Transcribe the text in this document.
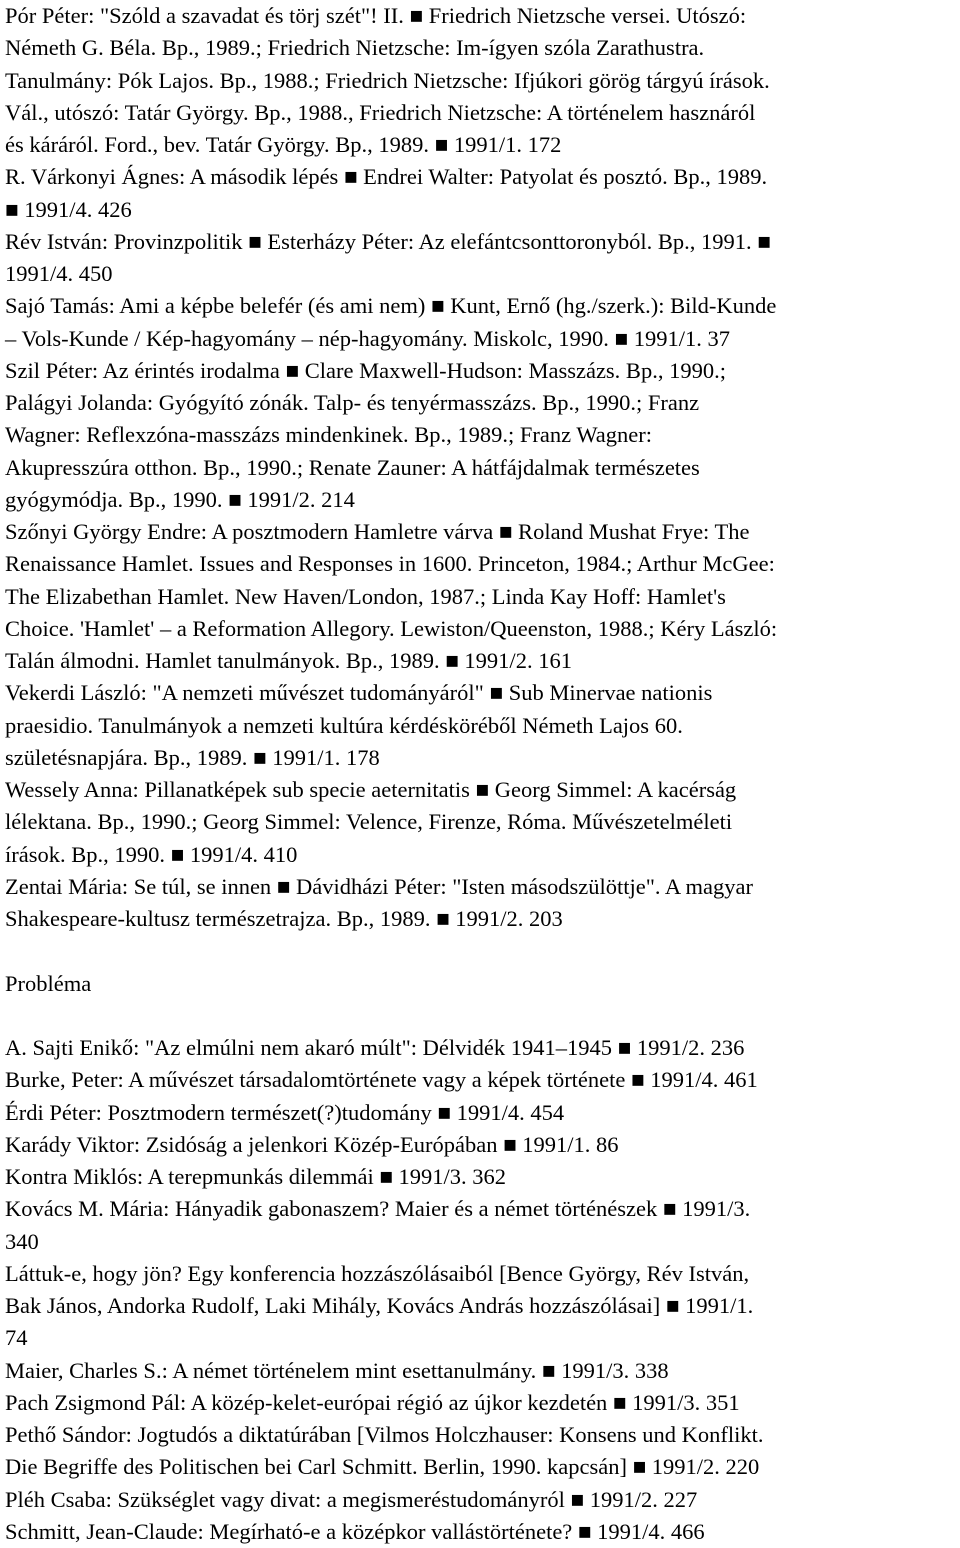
Pór Péter: "Szóld a szavadat és törj szét"! II. ■ Friedrich Nietzsche versei. Utószó:
Németh G. Béla. Bp., 1989.; Friedrich Nietzsche: Im-ígyen szóla Zarathustra.
Tanulmány: Pók Lajos. Bp., 1988.; Friedrich Nietzsche: Ifjúkori görög tárgyú írások.
Vál., utószó: Tatár György. Bp., 1988., Friedrich Nietzsche: A történelem hasznáról
és káráról. Ford., bev. Tatár György. Bp., 1989. ■ 1991/1. 172
R. Várkonyi Ágnes: A második lépés ■ Endrei Walter: Patyolat és posztó. Bp., 1989.
■ 1991/4. 426
Rév István: Provinzpolitik ■ Esterházy Péter: Az elefántcsonttoronyból. Bp., 1991. ■
1991/4. 450
Sajó Tamás: Ami a képbe belefér (és ami nem) ■ Kunt, Ernő (hg./szerk.): Bild-Kunde
– Vols-Kunde / Kép-hagyomány – nép-hagyomány. Miskolc, 1990. ■ 1991/1. 37
Szil Péter: Az érintés irodalma ■ Clare Maxwell-Hudson: Masszázs. Bp., 1990.;
Palágyi Jolanda: Gyógyító zónák. Talp- és tenyérmasszázs. Bp., 1990.; Franz
Wagner: Reflexzóna-masszázs mindenkinek. Bp., 1989.; Franz Wagner:
Akupresszúra otthon. Bp., 1990.; Renate Zauner: A hátfájdalmak természetes
gyógymódja. Bp., 1990. ■ 1991/2. 214
Szőnyi György Endre: A posztmodern Hamletre várva ■ Roland Mushat Frye: The
Renaissance Hamlet. Issues and Responses in 1600. Princeton, 1984.; Arthur McGee:
The Elizabethan Hamlet. New Haven/London, 1987.; Linda Kay Hoff: Hamlet's
Choice. 'Hamlet' – a Reformation Allegory. Lewiston/Queenston, 1988.; Kéry László:
Talán álmodni. Hamlet tanulmányok. Bp., 1989. ■ 1991/2. 161
Vekerdi László: "A nemzeti művészet tudományáról" ■ Sub Minervae nationis
praesidio. Tanulmányok a nemzeti kultúra kérdésköréből Németh Lajos 60.
születésnapjára. Bp., 1989. ■ 1991/1. 178
Wessely Anna: Pillanatképek sub specie aeternitatis ■ Georg Simmel: A kacérság
lélektana. Bp., 1990.; Georg Simmel: Velence, Firenze, Róma. Művészetelméleti
írások. Bp., 1990. ■ 1991/4. 410
Zentai Mária: Se túl, se innen ■ Dávidházi Péter: "Isten másodszülöttje". A magyar
Shakespeare-kultusz természetrajza. Bp., 1989. ■ 1991/2. 203
Probléma
A. Sajti Enikő: "Az elmúlni nem akaró múlt": Délvidék 1941–1945 ■ 1991/2. 236
Burke, Peter: A művészet társadalomtörténete vagy a képek története ■ 1991/4. 461
Érdi Péter: Posztmodern természet(?)tudomány ■ 1991/4. 454
Karády Viktor: Zsidóság a jelenkori Közép-Európában ■ 1991/1. 86
Kontra Miklós: A terepmunkás dilemmái ■ 1991/3. 362
Kovács M. Mária: Hányadik gabonaszem? Maier és a német történészek ■ 1991/3.
340
Láttuk-e, hogy jön? Egy konferencia hozzászólásaiból [Bence György, Rév István,
Bak János, Andorka Rudolf, Laki Mihály, Kovács András hozzászólásai] ■ 1991/1.
74
Maier, Charles S.: A német történelem mint esettanulmány. ■ 1991/3. 338
Pach Zsigmond Pál: A közép-kelet-európai régió az újkor kezdetén ■ 1991/3. 351
Pethő Sándor: Jogtudós a diktatúrában [Vilmos Holczhauser: Konsens und Konflikt.
Die Begriffe des Politischen bei Carl Schmitt. Berlin, 1990. kapcsán] ■ 1991/2. 220
Pléh Csaba: Szükséglet vagy divat: a megismeréstudományról ■ 1991/2. 227
Schmitt, Jean-Claude: Megírható-e a középkor vallástörténete? ■ 1991/4. 466
